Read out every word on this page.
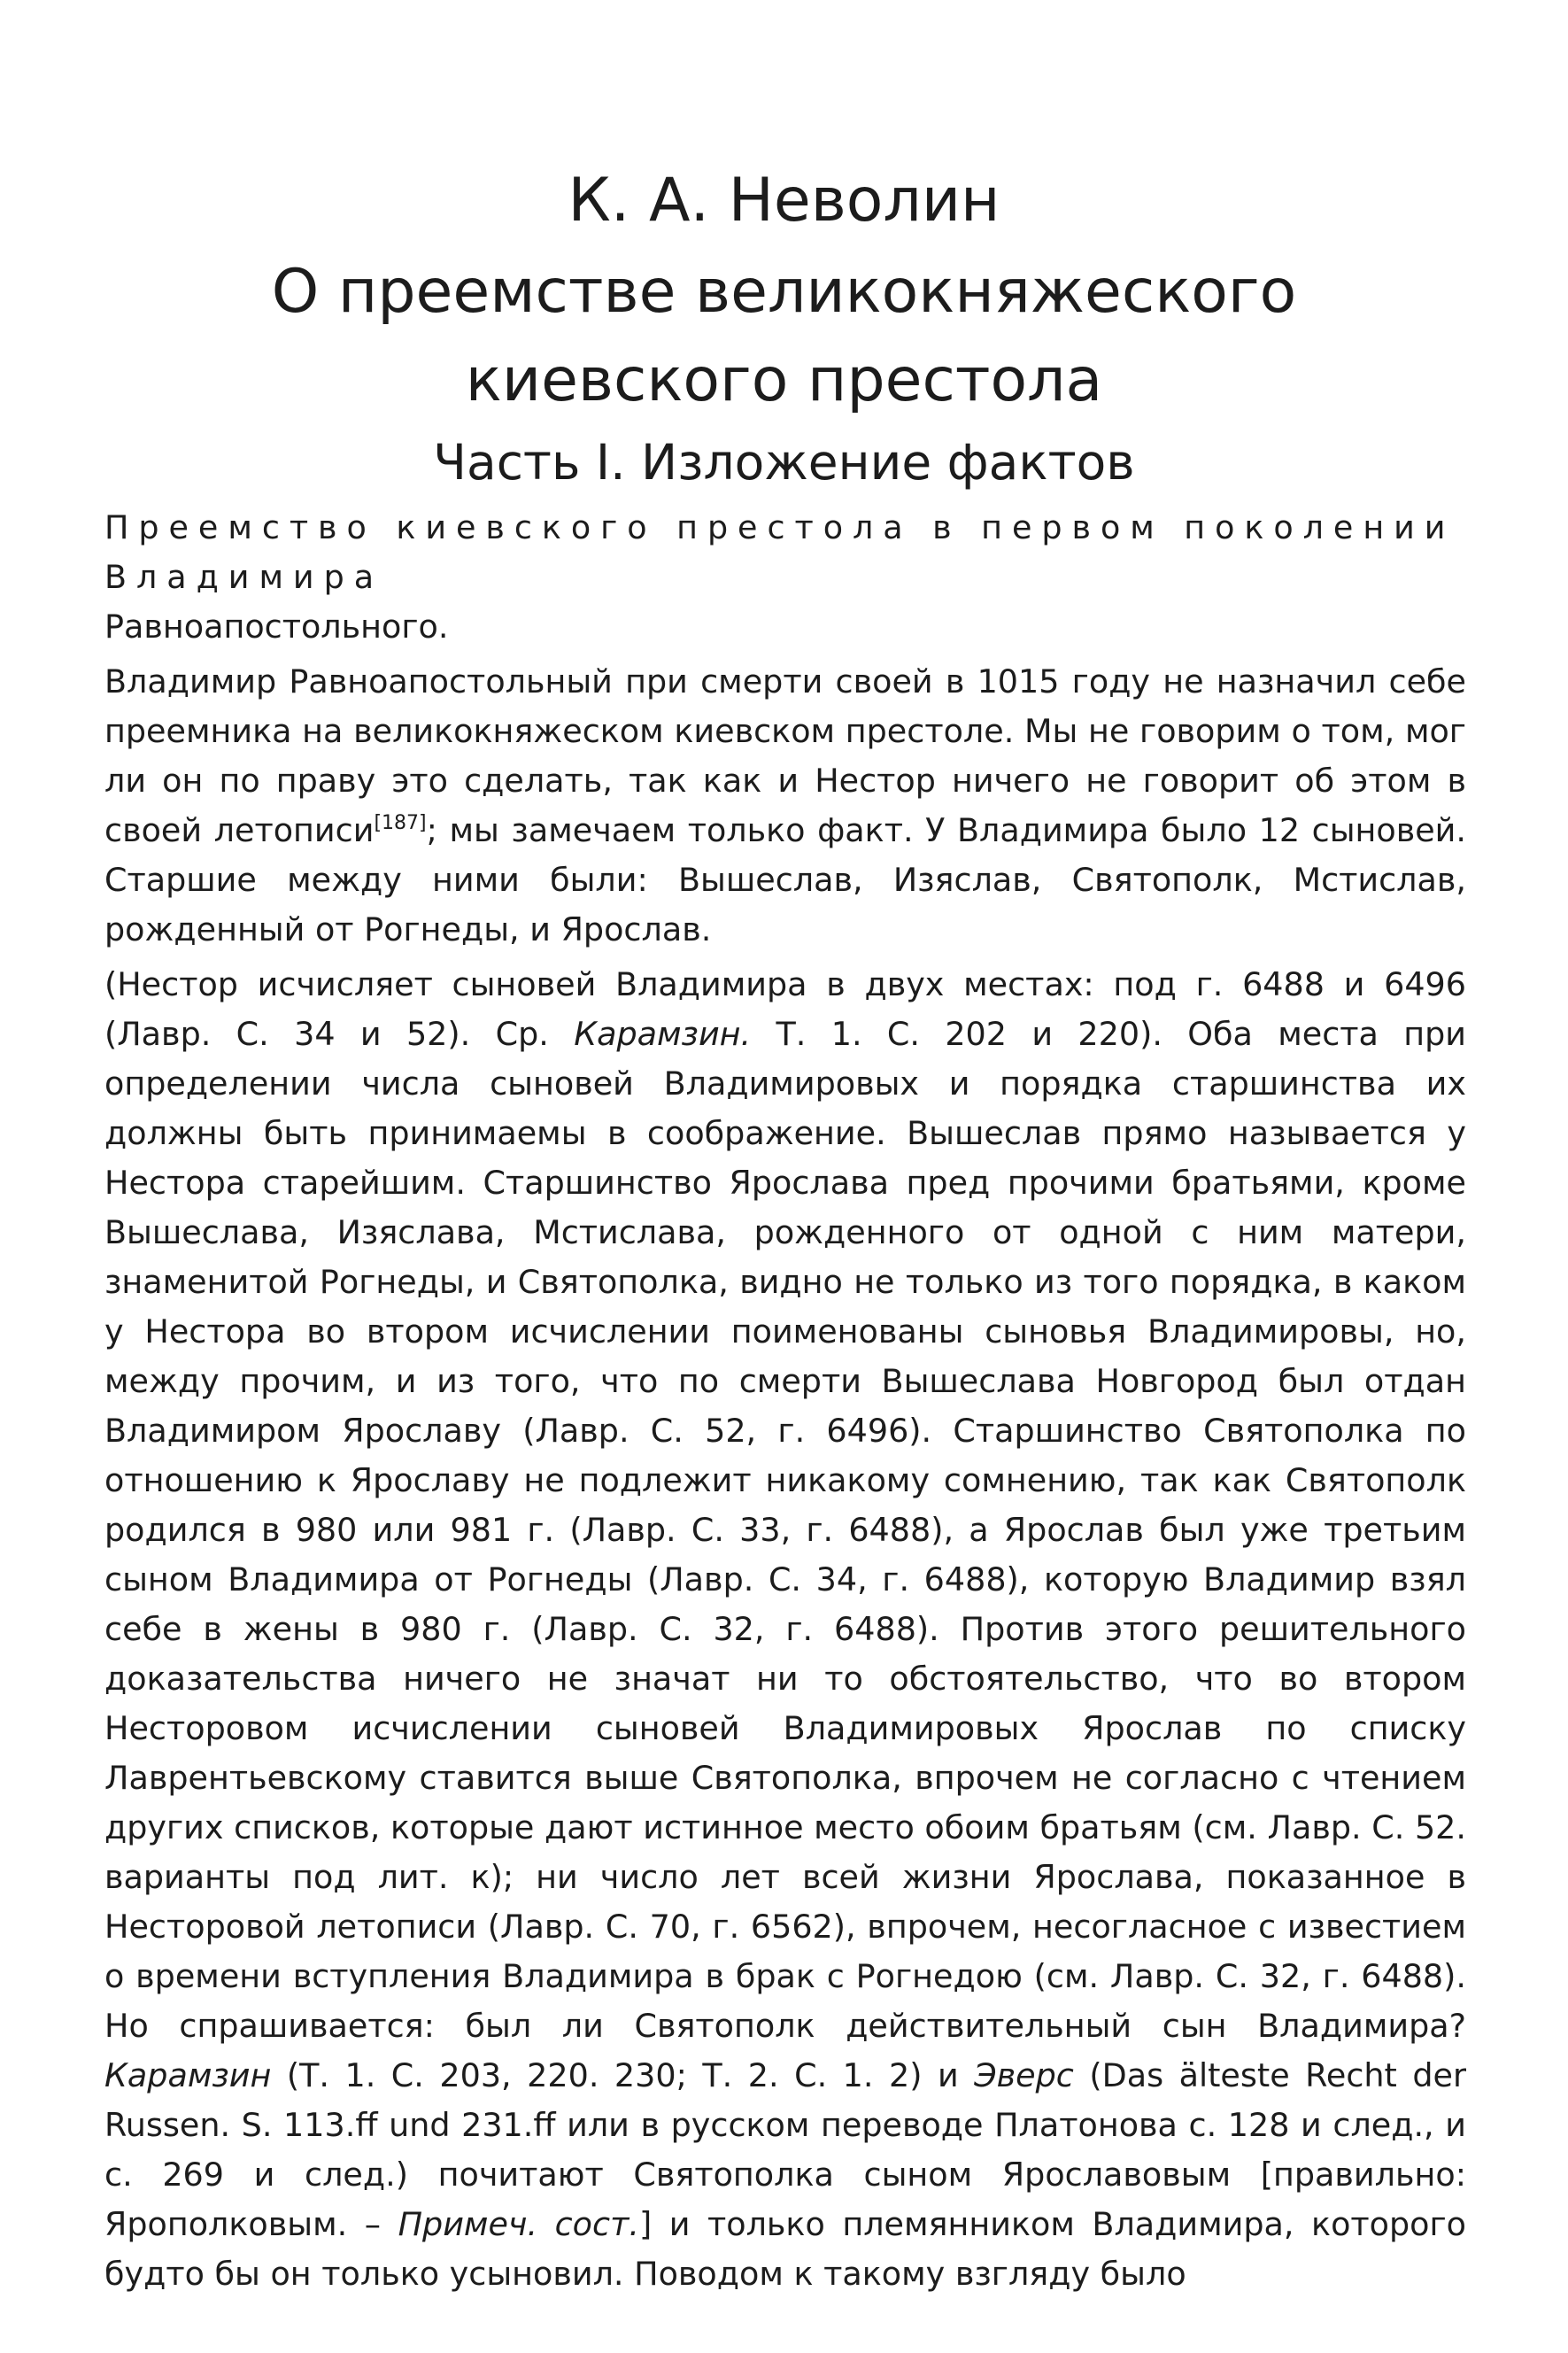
К. А. Неволин
О преемстве великокняжеского киевского престола
Часть I. Изложение фактов

Преемство киевского престола в первом поколении Владимира
Равноапостольного.

Владимир Равноапостольный при смерти своей в 1015 году не назначил себе преемника на великокняжеском киевском престоле. Мы не говорим о том, мог ли он по праву это сделать, так как и Нестор ничего не говорит об этом в своей летописи[187]; мы замечаем только факт. У Владимира было 12 сыновей. Старшие между ними были: Вышеслав, Изяслав, Святополк, Мстислав, рожденный от Рогнеды, и Ярослав.

(Нестор исчисляет сыновей Владимира в двух местах: под г. 6488 и 6496 (Лавр. С. 34 и 52). Ср. Карамзин. Т. 1. С. 202 и 220). Оба места при определении числа сыновей Владимировых и порядка старшинства их должны быть принимаемы в соображение. Вышеслав прямо называется у Нестора старейшим. Старшинство Ярослава пред прочими братьями, кроме Вышеслава, Изяслава, Мстислава, рожденного от одной с ним матери, знаменитой Рогнеды, и Святополка, видно не только из того порядка, в каком у Нестора во втором исчислении поименованы сыновья Владимировы, но, между прочим, и из того, что по смерти Вышеслава Новгород был отдан Владимиром Ярославу (Лавр. С. 52, г. 6496). Старшинство Святополка по отношению к Ярославу не подлежит никакому сомнению, так как Святополк родился в 980 или 981 г. (Лавр. С. 33, г. 6488), а Ярослав был уже третьим сыном Владимира от Рогнеды (Лавр. С. 34, г. 6488), которую Владимир взял себе в жены в 980 г. (Лавр. С. 32, г. 6488). Против этого решительного доказательства ничего не значат ни то обстоятельство, что во втором Несторовом исчислении сыновей Владимировых Ярослав по списку Лаврентьевскому ставится выше Святополка, впрочем не согласно с чтением других списков, которые дают истинное место обоим братьям (см. Лавр. С. 52. варианты под лит. к); ни число лет всей жизни Ярослава, показанное в Несторовой летописи (Лавр. С. 70, г. 6562), впрочем, несогласное с известием о времени вступления Владимира в брак с Рогнедою (см. Лавр. С. 32, г. 6488). Но спрашивается: был ли Святополк действительный сын Владимира? Карамзин (Т. 1. С. 203, 220. 230; Т. 2. С. 1. 2) и Эверс (Das älteste Recht der Russen. S. 113.ff und 231.ff или в русском переводе Платонова с. 128 и след., и с. 269 и след.) почитают Святополка сыном Ярославовым [правильно: Ярополковым. – Примеч. сост.] и только племянником Владимира, которого будто бы он только усыновил. Поводом к такому взгляду было
